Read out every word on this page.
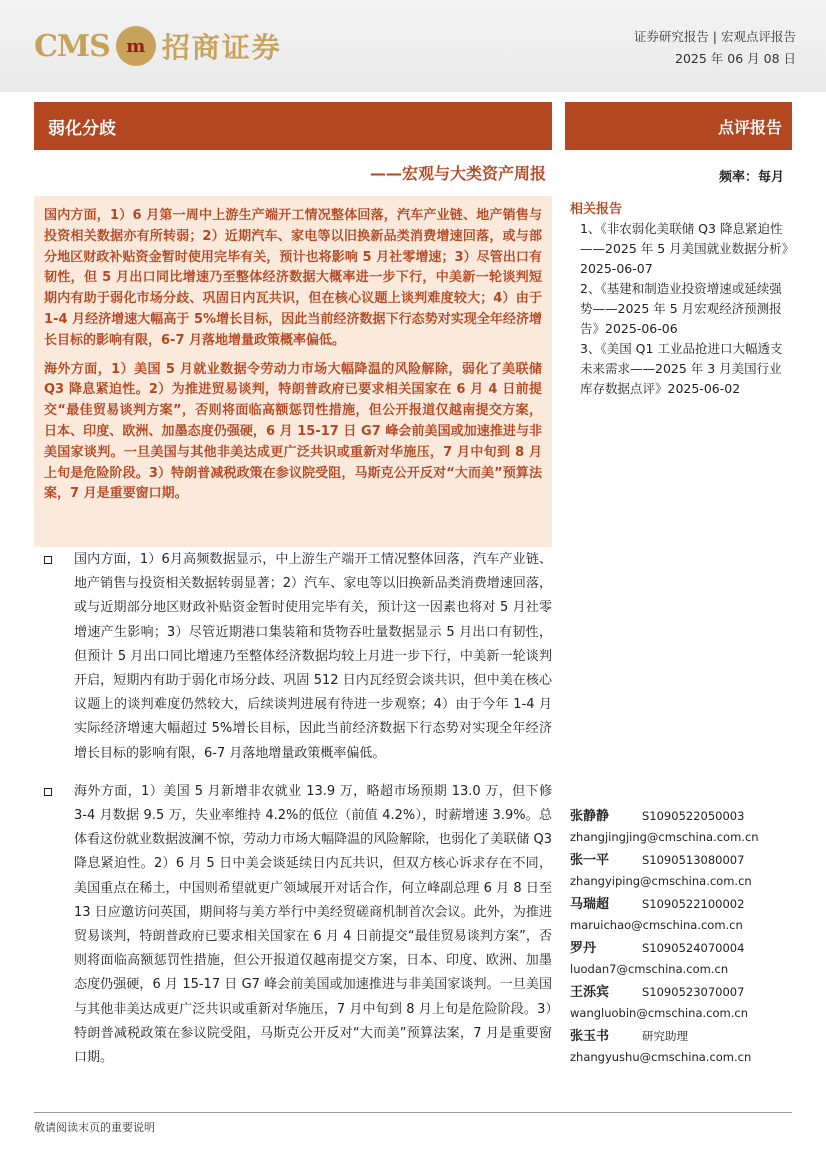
CMS m 招商证券	证券研究报告 | 宏观点评报告
2025 年 06 月 08 日
弱化分歧
——宏观与大类资产周报
点评报告
频率：每月

国内方面，1）6 月第一周中上游生产端开工情况整体回落，汽车产业链、地产销售与投资相关数据亦有所转弱；2）近期汽车、家电等以旧换新品类消费增速回落，或与部分地区财政补贴资金暂时使用完毕有关，预计也将影响 5 月社零增速；3）尽管出口有韧性，但 5 月出口同比增速乃至整体经济数据大概率进一步下行，中美新一轮谈判短期内有助于弱化市场分歧、巩固日内瓦共识，但在核心议题上谈判难度较大；4）由于 1-4 月经济增速大幅高于 5%增长目标，因此当前经济数据下行态势对实现全年经济增长目标的影响有限，6-7 月落地增量政策概率偏低。

海外方面，1）美国 5 月就业数据令劳动力市场大幅降温的风险解除，弱化了美联储 Q3 降息紧迫性。2）为推进贸易谈判，特朗普政府已要求相关国家在 6 月 4 日前提交“最佳贸易谈判方案”，否则将面临高额惩罚性措施，但公开报道仅越南提交方案，日本、印度、欧洲、加墨态度仍强硬，6 月 15-17 日 G7 峰会前美国或加速推进与非美国家谈判。一旦美国与其他非美达成更广泛共识或重新对华施压，7 月中旬到 8 月上旬是危险阶段。3）特朗普减税政策在参议院受阻，马斯克公开反对“大而美”预算法案，7 月是重要窗口期。

国内方面，1）6月高频数据显示，中上游生产端开工情况整体回落，汽车产业链、地产销售与投资相关数据转弱显著；2）汽车、家电等以旧换新品类消费增速回落，或与近期部分地区财政补贴资金暂时使用完毕有关，预计这一因素也将对 5 月社零增速产生影响；3）尽管近期港口集装箱和货物吞吐量数据显示 5 月出口有韧性，但预计 5 月出口同比增速乃至整体经济数据均较上月进一步下行，中美新一轮谈判开启，短期内有助于弱化市场分歧、巩固 512 日内瓦经贸会谈共识，但中美在核心议题上的谈判难度仍然较大，后续谈判进展有待进一步观察；4）由于今年 1-4 月实际经济增速大幅超过 5%增长目标，因此当前经济数据下行态势对实现全年经济增长目标的影响有限，6-7 月落地增量政策概率偏低。
海外方面，1）美国 5 月新增非农就业 13.9 万，略超市场预期 13.0 万，但下修 3-4 月数据 9.5 万，失业率维持 4.2%的低位（前值 4.2%），时薪增速 3.9%。总体看这份就业数据波澜不惊，劳动力市场大幅降温的风险解除，也弱化了美联储 Q3 降息紧迫性。2）6 月 5 日中美会谈延续日内瓦共识，但双方核心诉求存在不同，美国重点在稀土，中国则希望就更广领域展开对话合作，何立峰副总理 6 月 8 日至 13 日应邀访问英国，期间将与美方举行中美经贸磋商机制首次会议。此外，为推进贸易谈判，特朗普政府已要求相关国家在 6 月 4 日前提交“最佳贸易谈判方案”，否则将面临高额惩罚性措施，但公开报道仅越南提交方案，日本、印度、欧洲、加墨态度仍强硬，6 月 15-17 日 G7 峰会前美国或加速推进与非美国家谈判。一旦美国与其他非美达成更广泛共识或重新对华施压，7 月中旬到 8 月上旬是危险阶段。3）特朗普减税政策在参议院受阻，马斯克公开反对“大而美”预算法案，7 月是重要窗口期。
相关报告
1、《非农弱化美联储 Q3 降息紧迫性——2025 年 5 月美国就业数据分析》2025-06-07
2、《基建和制造业投资增速或延续强势——2025 年 5 月宏观经济预测报告》2025-06-06
3、《美国 Q1 工业品抢进口大幅透支未来需求——2025 年 3 月美国行业库存数据点评》2025-06-02
张静静	S1090522050003
zhangjingjing@cmschina.com.cn
张一平	S1090513080007
zhangyiping@cmschina.com.cn
马瑞超	S1090522100002
maruichao@cmschina.com.cn
罗丹	S1090524070004
luodan7@cmschina.com.cn
王泺宾	S1090523070007
wangluobin@cmschina.com.cn
张玉书	研究助理
zhangyushu@cmschina.com.cn
敬请阅读末页的重要说明
